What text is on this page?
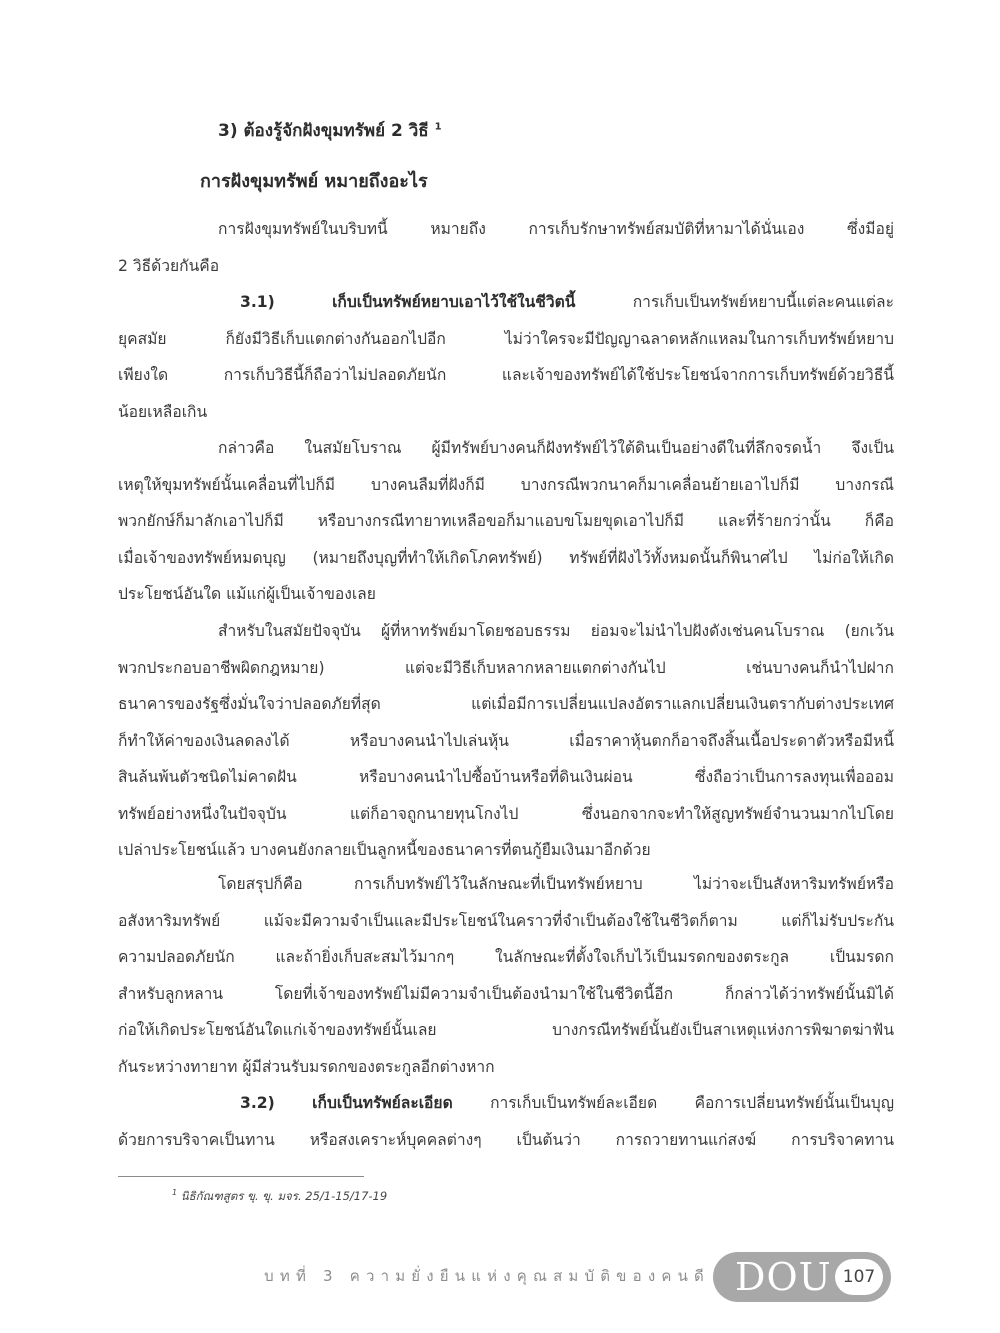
3) ต้องรู้จักฝังขุมทรัพย์ 2 วิธี $^1$
การฝังขุมทรัพย์ หมายถึงอะไร
การฝังขุมทรัพย์ในบริบทนี้ หมายถึง การเก็บรักษาทรัพย์สมบัติที่หามาได้นั่นเอง ซึ่งมีอยู่
2 วิธีด้วยกันคือ
3.1)	เก็บเป็นทรัพย์หยาบเอาไว้ใช้ในชีวิตนี้ การเก็บเป็นทรัพย์หยาบนี้แต่ละคนแต่ละ
ยุคสมัย ก็ยังมีวิธีเก็บแตกต่างกันออกไปอีก ไม่ว่าใครจะมีปัญญาฉลาดหลักแหลมในการเก็บทรัพย์หยาบ
เพียงใด การเก็บวิธีนี้ก็ถือว่าไม่ปลอดภัยนัก และเจ้าของทรัพย์ได้ใช้ประโยชน์จากการเก็บทรัพย์ด้วยวิธีนี้
น้อยเหลือเกิน
กล่าวคือ ในสมัยโบราณ ผู้มีทรัพย์บางคนก็ฝังทรัพย์ไว้ใต้ดินเป็นอย่างดีในที่ลึกจรดน้ำ จึงเป็น
เหตุให้ขุมทรัพย์นั้นเคลื่อนที่ไปก็มี บางคนลืมที่ฝังก็มี บางกรณีพวกนาคก็มาเคลื่อนย้ายเอาไปก็มี บางกรณี
พวกยักษ์ก็มาลักเอาไปก็มี หรือบางกรณีทายาทเหลือขอก็มาแอบขโมยขุดเอาไปก็มี และที่ร้ายกว่านั้น ก็คือ
เมื่อเจ้าของทรัพย์หมดบุญ (หมายถึงบุญที่ทำให้เกิดโภคทรัพย์) ทรัพย์ที่ฝังไว้ทั้งหมดนั้นก็พินาศไป ไม่ก่อให้เกิด
ประโยชน์อันใด แม้แก่ผู้เป็นเจ้าของเลย
สำหรับในสมัยปัจจุบัน ผู้ที่หาทรัพย์มาโดยชอบธรรม ย่อมจะไม่นำไปฝังดังเช่นคนโบราณ (ยกเว้น
พวกประกอบอาชีพผิดกฎหมาย) แต่จะมีวิธีเก็บหลากหลายแตกต่างกันไป เช่นบางคนก็นำไปฝาก
ธนาคารของรัฐซึ่งมั่นใจว่าปลอดภัยที่สุด แต่เมื่อมีการเปลี่ยนแปลงอัตราแลกเปลี่ยนเงินตรากับต่างประเทศ
ก็ทำให้ค่าของเงินลดลงได้ หรือบางคนนำไปเล่นหุ้น เมื่อราคาหุ้นตกก็อาจถึงสิ้นเนื้อประดาตัวหรือมีหนี้
สินล้นพ้นตัวชนิดไม่คาดฝัน หรือบางคนนำไปซื้อบ้านหรือที่ดินเงินผ่อน ซึ่งถือว่าเป็นการลงทุนเพื่อออม
ทรัพย์อย่างหนึ่งในปัจจุบัน แต่ก็อาจถูกนายทุนโกงไป ซึ่งนอกจากจะทำให้สูญทรัพย์จำนวนมากไปโดย
เปล่าประโยชน์แล้ว บางคนยังกลายเป็นลูกหนี้ของธนาคารที่ตนกู้ยืมเงินมาอีกด้วย
โดยสรุปก็คือ การเก็บทรัพย์ไว้ในลักษณะที่เป็นทรัพย์หยาบ ไม่ว่าจะเป็นสังหาริมทรัพย์หรือ
อสังหาริมทรัพย์ แม้จะมีความจำเป็นและมีประโยชน์ในคราวที่จำเป็นต้องใช้ในชีวิตก็ตาม แต่ก็ไม่รับประกัน
ความปลอดภัยนัก และถ้ายิ่งเก็บสะสมไว้มากๆ ในลักษณะที่ตั้งใจเก็บไว้เป็นมรดกของตระกูล เป็นมรดก
สำหรับลูกหลาน โดยที่เจ้าของทรัพย์ไม่มีความจำเป็นต้องนำมาใช้ในชีวิตนี้อีก ก็กล่าวได้ว่าทรัพย์นั้นมิได้
ก่อให้เกิดประโยชน์อันใดแก่เจ้าของทรัพย์นั้นเลย บางกรณีทรัพย์นั้นยังเป็นสาเหตุแห่งการพิฆาตฆ่าฟัน
กันระหว่างทายาท ผู้มีส่วนรับมรดกของตระกูลอีกต่างหาก
3.2) เก็บเป็นทรัพย์ละเอียด การเก็บเป็นทรัพย์ละเอียด คือการเปลี่ยนทรัพย์นั้นเป็นบุญ
ด้วยการบริจาคเป็นทาน หรือสงเคราะห์บุคคลต่างๆ เป็นต้นว่า การถวายทานแก่สงฆ์ การบริจาคทาน
$^1$ นิธิกัณฑสูตร ขุ. ขุ. มจร. 25/1-15/17-19
บทที่ 3 ความยั่งยืนแห่งคุณสมบัติของคนดี DOU 107
